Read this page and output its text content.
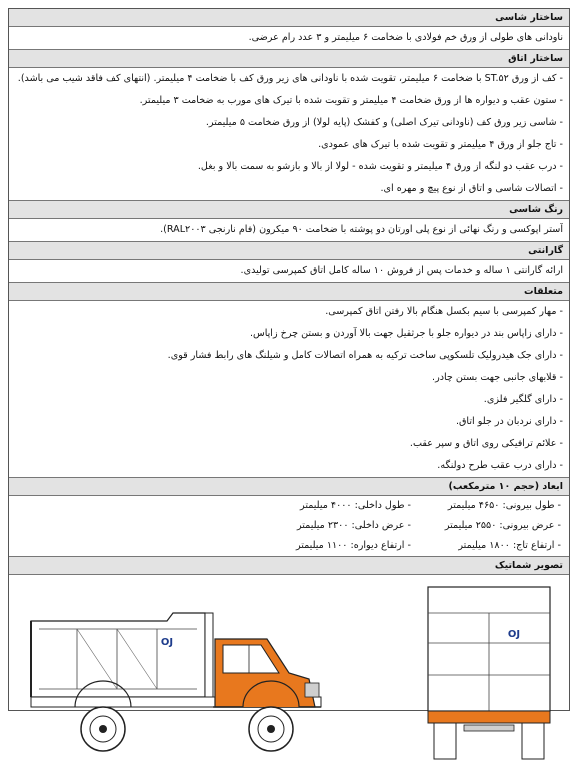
ساختار شاسی
ناودانی های طولی از ورق خم فولادی با ضخامت ۶ میلیمتر و ۳ عدد رام عرضی.
ساختار اتاق
- کف از ورق ST.۵۲ با ضخامت ۶ میلیمتر، تقویت شده با ناودانی های زیر ورق کف با ضخامت ۴ میلیمتر. (انتهای کف فاقد شیب می باشد).
- ستون عقب و دیواره ها از ورق ضخامت ۴ میلیمتر و تقویت شده با تیرک های مورب به ضخامت ۳ میلیمتر.
- شاسی زیر ورق کف (ناودانی تیرک اصلی) و کفشک (پایه لولا) از ورق ضخامت ۵ میلیمتر.
- تاج جلو از ورق ۴ میلیمتر و تقویت شده با تیرک های عمودی.
- درب عقب دو لنگه از ورق ۴ میلیمتر و تقویت شده - لولا از بالا و بازشو به سمت بالا و بغل.
- اتصالات شاسی و اتاق از نوع پیچ و مهره ای.
رنگ شاسی
آستر اپوکسی و رنگ نهائی از نوع پلی اورتان دو پوشته با ضخامت ۹۰ میکرون (فام نارنجی RAL۲۰۰۳).
گارانتی
ارائه گارانتی ۱ ساله و خدمات پس از فروش ۱۰ ساله کامل اتاق کمپرسی تولیدی.
متعلقات
- مهار کمپرسی با سیم بکسل هنگام بالا رفتن اتاق کمپرسی.
- دارای زاپاس بند در دیواره جلو با جرثقیل جهت بالا آوردن و بستن چرخ زاپاس.
- دارای جک هیدرولیک تلسکوپی ساخت ترکیه به همراه اتصالات کامل و شیلنگ های رابط فشار قوی.
- قلابهای جانبی جهت بستن چادر.
- دارای گلگیر فلزی.
- دارای نردبان در جلو اتاق.
- علائم ترافیکی روی اتاق و سپر عقب.
- دارای درب عقب طرح دولنگه.
ابعاد (حجم ۱۰ مترمکعب)
- طول بیرونی: ۴۶۵۰ میلیمتر
- طول داخلی: ۴۰۰۰ میلیمتر
- عرض بیرونی: ۲۵۵۰ میلیمتر
- عرض داخلی: ۲۳۰۰ میلیمتر
- ارتفاع تاج: ۱۸۰۰ میلیمتر
- ارتفاع دیواره: ۱۱۰۰ میلیمتر
تصویر شماتیک
OJ
OJ
